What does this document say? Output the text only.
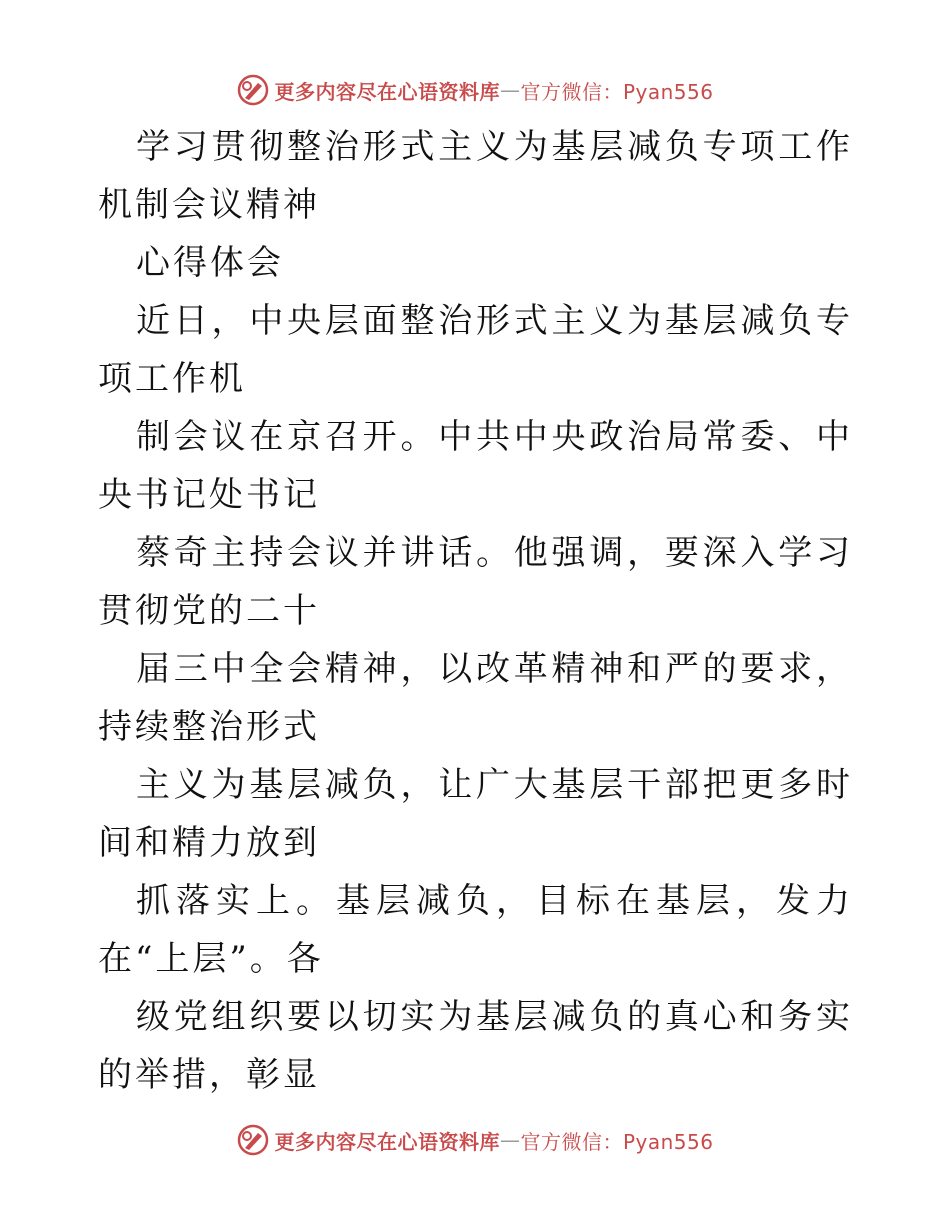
更多内容尽在心语资料库 — 官方微信：Pyan556

学习贯彻整治形式主义为基层减负专项工作机制会议精神

心得体会

近日，中央层面整治形式主义为基层减负专项工作机

制会议在京召开。中共中央政治局常委、中央书记处书记

蔡奇主持会议并讲话。他强调，要深入学习贯彻党的二十

届三中全会精神，以改革精神和严的要求，持续整治形式

主义为基层减负，让广大基层干部把更多时间和精力放到

抓落实上。基层减负，目标在基层，发力在“上层”。各

级党组织要以切实为基层减负的真心和务实的举措，彰显

更多内容尽在心语资料库 — 官方微信：Pyan556
